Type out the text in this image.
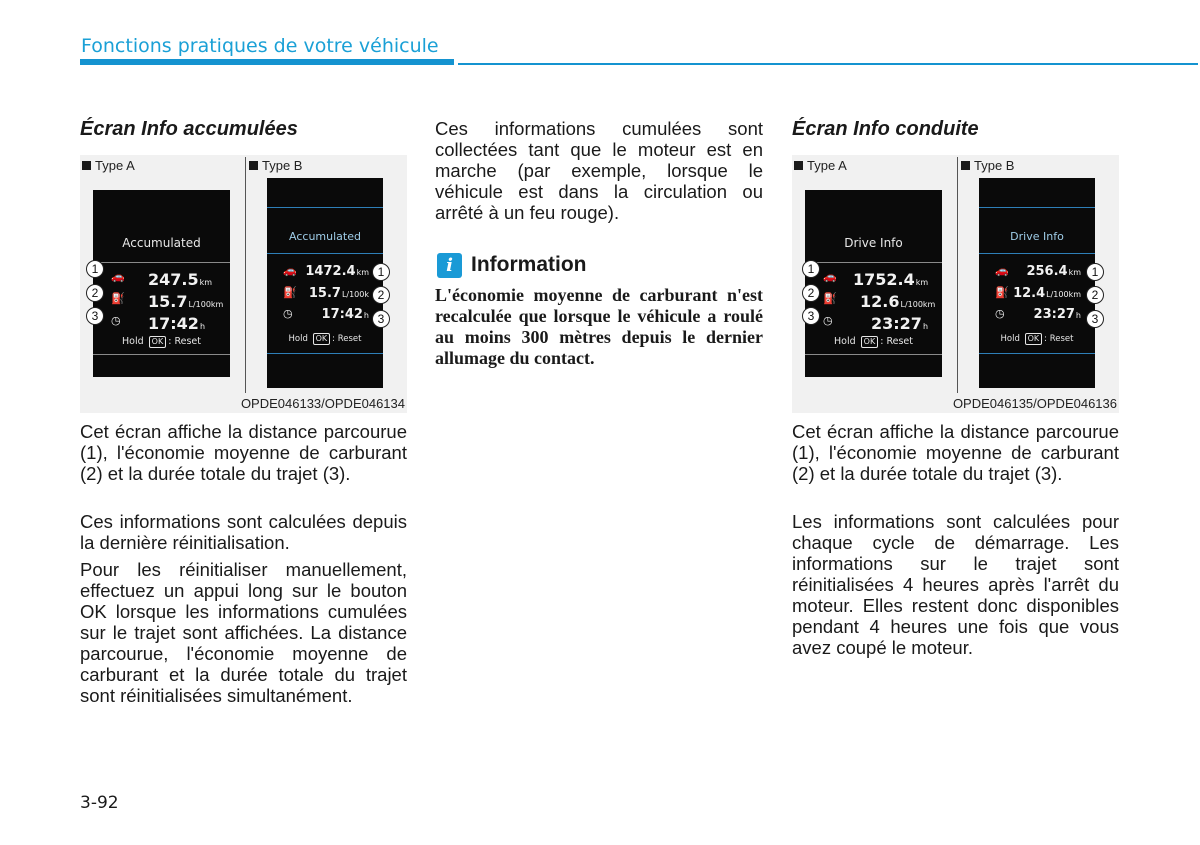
Fonctions pratiques de votre véhicule
Écran Info accumulées
Type A	Type B
Accumulated
🚗 247.5km
⛽ 15.7L/100km
◷ 17:42h
Hold OK : Reset
Accumulated
🚗 1472.4km
⛽ 15.7L/100k
◷ 17:42h
Hold OK : Reset
1
2
3
1
2
3
OPDE046133/OPDE046134

Cet écran affiche la distance parcourue (1), l'économie moyenne de carburant (2) et la durée totale du trajet (3).

Ces informations sont calculées depuis la dernière réinitialisation.

Pour les réinitialiser manuellement, effectuez un appui long sur le bouton OK lorsque les informations cumulées sur le trajet sont affichées. La distance parcourue, l'économie moyenne de carburant et la durée totale du trajet sont réinitialisées simultanément.

Ces informations cumulées sont collectées tant que le moteur est en marche (par exemple, lorsque le véhicule est dans la circulation ou arrêté à un feu rouge).

i Information
L'économie moyenne de carburant n'est recalculée que lorsque le véhicule a roulé au moins 300 mètres depuis le dernier allumage du contact.
Écran Info conduite
Type A	Type B
Drive Info
🚗 1752.4km
⛽ 12.6L/100km
◷ 23:27h
Hold OK : Reset
Drive Info
🚗 256.4km
⛽ 12.4L/100km
◷ 23:27h
Hold OK : Reset
1
2
3
1
2
3
OPDE046135/OPDE046136

Cet écran affiche la distance parcourue (1), l'économie moyenne de carburant (2) et la durée totale du trajet (3).

Les informations sont calculées pour chaque cycle de démarrage. Les informations sur le trajet sont réinitialisées 4 heures après l'arrêt du moteur. Elles restent donc disponibles pendant 4 heures une fois que vous avez coupé le moteur.

3-92
